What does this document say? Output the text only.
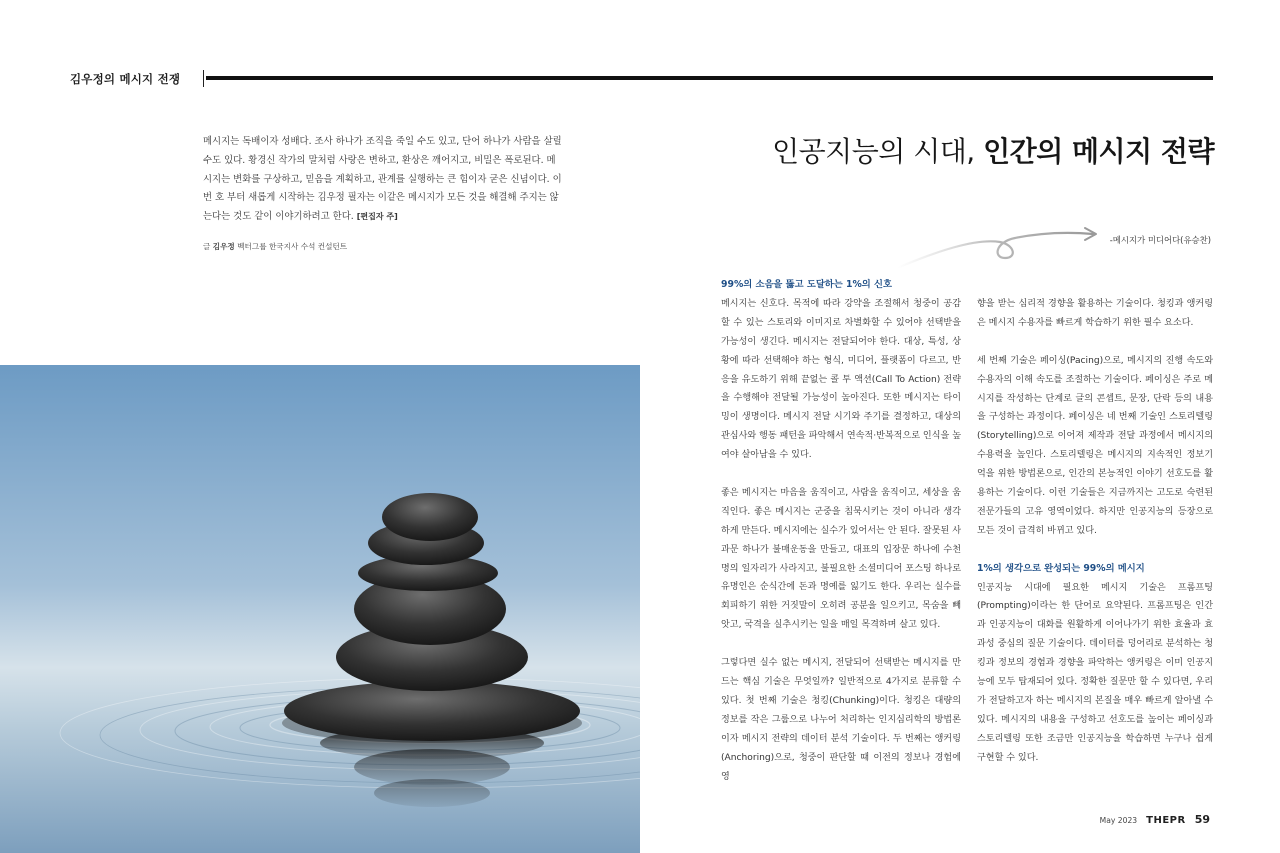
김우정의 메시지 전쟁
메시지는 독배이자 성배다. 조사 하나가 조직을 죽일 수도 있고, 단어 하나가 사람을 살릴 수도 있다. 황경신 작가의 말처럼 사랑은 변하고, 환상은 깨어지고, 비밀은 폭로된다. 메시지는 변화를 구상하고, 믿음을 계획하고, 관계를 실행하는 큰 힘이자 굳은 신념이다. 이번 호 부터 새롭게 시작하는 김우정 필자는 이같은 메시지가 모든 것을 해결해 주지는 않는다는 것도 같이 이야기하려고 한다. [편집자 주]
글 김우정 벡터그룹 한국지사 수석 컨설턴트
인공지능의 시대, 인간의 메시지 전략
-메시지가 미디어다(유승찬)
99%의 소음을 뚫고 도달하는 1%의 신호

메시지는 신호다. 목적에 따라 강약을 조절해서 청중이 공감할 수 있는 스토리와 이미지로 차별화할 수 있어야 선택받을 가능성이 생긴다. 메시지는 전달되어야 한다. 대상, 특성, 상황에 따라 선택해야 하는 형식, 미디어, 플랫폼이 다르고, 반응을 유도하기 위해 끝없는 콜 투 액션(Call To Action) 전략을 수행해야 전달될 가능성이 높아진다. 또한 메시지는 타이밍이 생명이다. 메시지 전달 시기와 주기를 결정하고, 대상의 관심사와 행동 패턴을 파악해서 연속적·반복적으로 인식을 높여야 살아남을 수 있다.

좋은 메시지는 마음을 움직이고, 사람을 움직이고, 세상을 움직인다. 좋은 메시지는 군중을 침묵시키는 것이 아니라 생각하게 만든다. 메시지에는 실수가 있어서는 안 된다. 잘못된 사과문 하나가 불매운동을 만들고, 대표의 입장문 하나에 수천명의 일자리가 사라지고, 불필요한 소셜미디어 포스팅 하나로 유명인은 순식간에 돈과 명예를 잃기도 한다. 우리는 실수를 회피하기 위한 거짓말이 오히려 공분을 일으키고, 목숨을 빼앗고, 국격을 실추시키는 일을 매일 목격하며 살고 있다.

그렇다면 실수 없는 메시지, 전달되어 선택받는 메시지를 만드는 핵심 기술은 무엇일까? 일반적으로 4가지로 분류할 수 있다. 첫 번째 기술은 청킹(Chunking)이다. 청킹은 대량의 정보를 작은 그룹으로 나누어 처리하는 인지심리학의 방법론이자 메시지 전략의 데이터 분석 기술이다. 두 번째는 앵커링(Anchoring)으로, 청중이 판단할 때 이전의 정보나 경험에 영

향을 받는 심리적 경향을 활용하는 기술이다. 청킹과 앵커링은 메시지 수용자를 빠르게 학습하기 위한 필수 요소다.

세 번째 기술은 페이싱(Pacing)으로, 메시지의 진행 속도와 수용자의 이해 속도를 조절하는 기술이다. 페이싱은 주로 메시지를 작성하는 단계로 글의 콘셉트, 문장, 단락 등의 내용을 구성하는 과정이다. 페이싱은 네 번째 기술인 스토리텔링(Storytelling)으로 이어져 제작과 전달 과정에서 메시지의 수용력을 높인다. 스토리텔링은 메시지의 지속적인 정보기억을 위한 방법론으로, 인간의 본능적인 이야기 선호도를 활용하는 기술이다. 이런 기술들은 지금까지는 고도로 숙련된 전문가들의 고유 영역이었다. 하지만 인공지능의 등장으로 모든 것이 급격히 바뀌고 있다.

1%의 생각으로 완성되는 99%의 메시지

인공지능 시대에 필요한 메시지 기술은 프롬프팅(Prompting)이라는 한 단어로 요약된다. 프롬프팅은 인간과 인공지능이 대화를 원활하게 이어나가기 위한 효율과 효과성 중심의 질문 기술이다. 데이터를 덩어리로 분석하는 청킹과 정보의 경험과 경향을 파악하는 앵커링은 이미 인공지능에 모두 탑재되어 있다. 정확한 질문만 할 수 있다면, 우리가 전달하고자 하는 메시지의 본질을 매우 빠르게 알아낼 수 있다. 메시지의 내용을 구성하고 선호도를 높이는 페이싱과 스토리텔링 또한 조금만 인공지능을 학습하면 누구나 쉽게 구현할 수 있다.

May 2023 THEPR 59
